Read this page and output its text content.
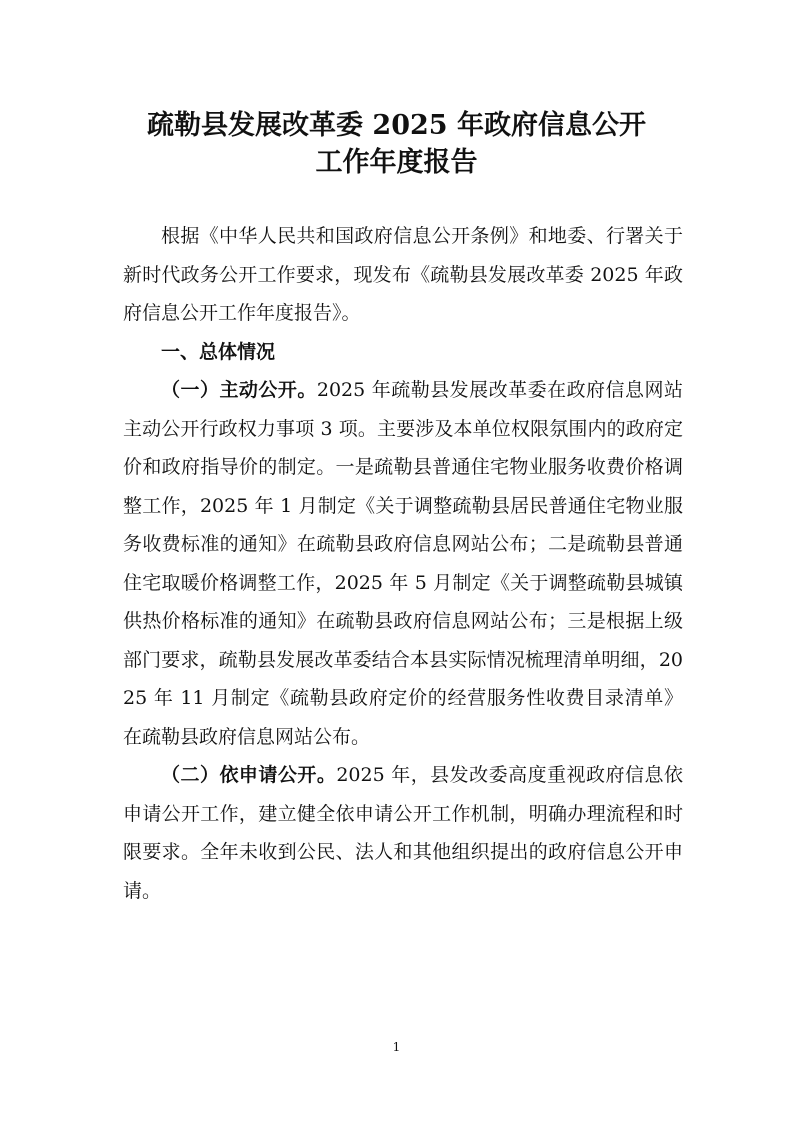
疏勒县发展改革委 2025 年政府信息公开
工作年度报告

根据《中华人民共和国政府信息公开条例》和地委、行署关于新时代政务公开工作要求，现发布《疏勒县发展改革委 2025 年政府信息公开工作年度报告》。

一、总体情况

（一）主动公开。2025 年疏勒县发展改革委在政府信息网站主动公开行政权力事项 3 项。主要涉及本单位权限氛围内的政府定价和政府指导价的制定。一是疏勒县普通住宅物业服务收费价格调整工作，2025 年 1 月制定《关于调整疏勒县居民普通住宅物业服务收费标准的通知》在疏勒县政府信息网站公布；二是疏勒县普通住宅取暖价格调整工作，2025 年 5 月制定《关于调整疏勒县城镇供热价格标准的通知》在疏勒县政府信息网站公布；三是根据上级部门要求，疏勒县发展改革委结合本县实际情况梳理清单明细，2025 年 11 月制定《疏勒县政府定价的经营服务性收费目录清单》在疏勒县政府信息网站公布。

（二）依申请公开。2025 年，县发改委高度重视政府信息依申请公开工作，建立健全依申请公开工作机制，明确办理流程和时限要求。全年未收到公民、法人和其他组织提出的政府信息公开申请。

1
